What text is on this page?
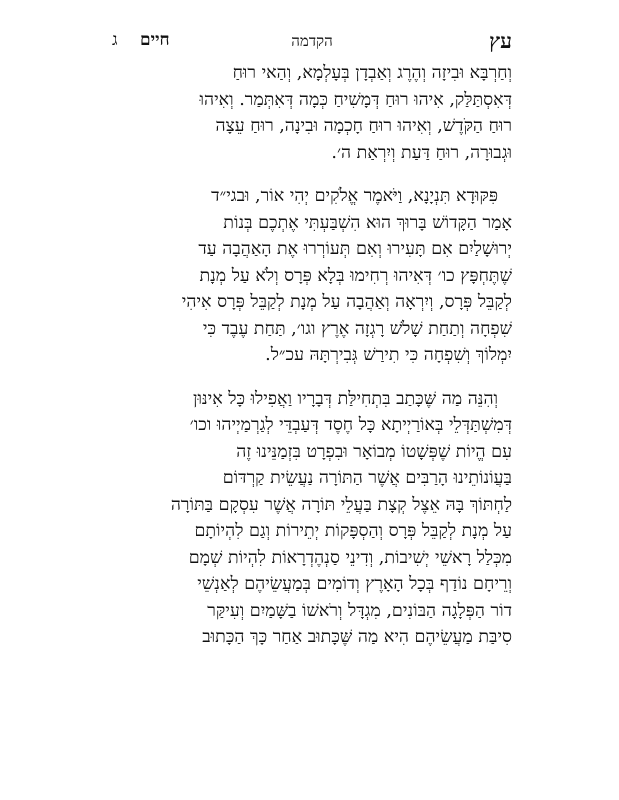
עץ
הקדמה
חיים
ג
וְחַרְבָּא וּבִיזָה וְהֶרֶג וְאַבְדָן בְּעָלְמָא, וְהַאי רוּחַ
דְּאִסְתַּלַּק, אִיהוּ רוּחַ דְּמָשִׁיחַ כְּמָה דְּאִתְּמַר. וְאִיהוּ
רוּחַ הַקֹּדֶשׁ, וְאִיהוּ רוּחַ חָכְמָה וּבִינָה, רוּחַ עֵצָה
וּגְבוּרָה, רוּחַ דַּעַת וְיִרְאַת ה׳.
פִּקּוּדָא תִּנְיָנָא, וַיֹּאמֶר אֱלֹקִים יְהִי אוֹר, וּבגי״ד
אָמַר הַקָּדוֹשׁ בָּרוּךְ הוּא הִשְׁבַּעְתִּי אֶתְכֶם בְּנוֹת
יְרוּשָׁלַיִם אִם תָּעִירוּ וְאִם תְּעוֹרְרוּ אֶת הָאַהֲבָה עַד
שֶׁתֶּחְפָּץ כו׳ דְּאִיהוּ רְחִימוּ בְּלָא פְּרָס וְלֹא עַל מְנָת
לְקַבֵּל פְּרָס, וְיִרְאָה וְאַהֲבָה עַל מְנָת לְקַבֵּל פְּרָס אִיהִי
שִׁפְחָה וְתַחַת שָׁלֹשׁ רָגְזָה אֶרֶץ וגו׳, תַּחַת עֶבֶד כִּי
יִמְלוֹךְ וְשִׁפְחָה כִּי תִירַשׁ גְּבִירְתָּהּ עכ״ל.
וְהִנֵּה מַה שֶּׁכָּתַב בִּתְחִילַּת דְּבָרָיו וַאֲפִילוּ כָּל אִינּוּן
דְּמִשְׁתַּדְּלֵי בְּאוֹרַיְיתָא כָּל חֶסֶד דְּעַבְדֵּי לְגַרְמַיְיהוּ וכו׳
עִם הֱיוֹת שֶׁפְּשָׁטוֹ מְבוֹאָר וּבִפְרָט בִּזְמַנֵּינוּ זֶה
בַּעֲוֹנוֹתֵינוּ הָרַבִּים אֲשֶׁר הַתּוֹרָה נַעֲשֵׂית קַרְדּוֹם
לַחְתּוֹךְ בָּהּ אֵצֶל קְצָת בַּעֲלֵי תּוֹרָה אֲשֶׁר עִסְקָם בַּתּוֹרָה
עַל מְנָת לְקַבֵּל פְּרָס וְהַסְפָּקוֹת יְתֵירוֹת וְגַם לִהְיוֹתָם
מִכְּלַל רָאשֵׁי יְשִׁיבוֹת, וְדִינֵי סַנְהֶדְרָאוֹת לִהְיוֹת שְׁמָם
וְרֵיחָם נוֹדַף בְּכָל הָאָרֶץ וְדוֹמִים בְּמַעֲשֵׂיהֶם לְאַנְשֵׁי
דוֹר הַפְּלָגָה הַבּוֹנִים, מִגְדָּל וְרֹאשׁוֹ בַשָּׁמַיִם וְעִיקַּר
סִיבַּת מַעֲשֵׂיהֶם הִיא מַה שֶּׁכָּתוּב אַחַר כָּךְ הַכָּתוּב
